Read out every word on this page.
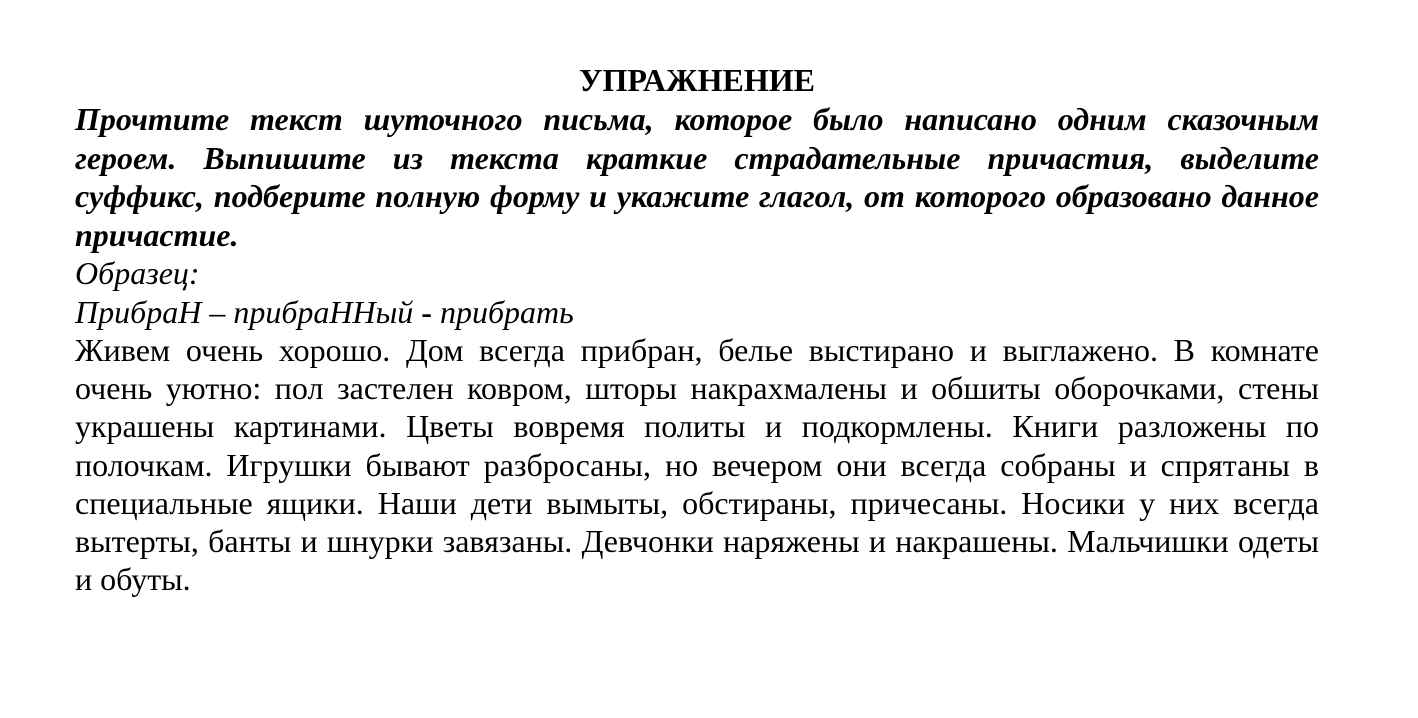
УПРАЖНЕНИЕ

Прочтите текст шуточного письма, которое было написано одним сказочным героем. Выпишите из текста краткие страдательные причастия, выделите суффикс, подберите полную форму и укажите глагол, от которого образовано данное причастие.

Образец:

ПрибраН – прибраННый - прибрать

Живем очень хорошо. Дом всегда прибран, белье выстирано и выглажено. В комнате очень уютно: пол застелен ковром, шторы накрахмалены и обшиты оборочками, стены украшены картинами. Цветы вовремя политы и подкормлены. Книги разложены по полочкам. Игрушки бывают разбросаны, но вечером они всегда собраны и спрятаны в специальные ящики. Наши дети вымыты, обстираны, причесаны. Носики у них всегда вытерты, банты и шнурки завязаны. Девчонки наряжены и накрашены. Мальчишки одеты и обуты.
